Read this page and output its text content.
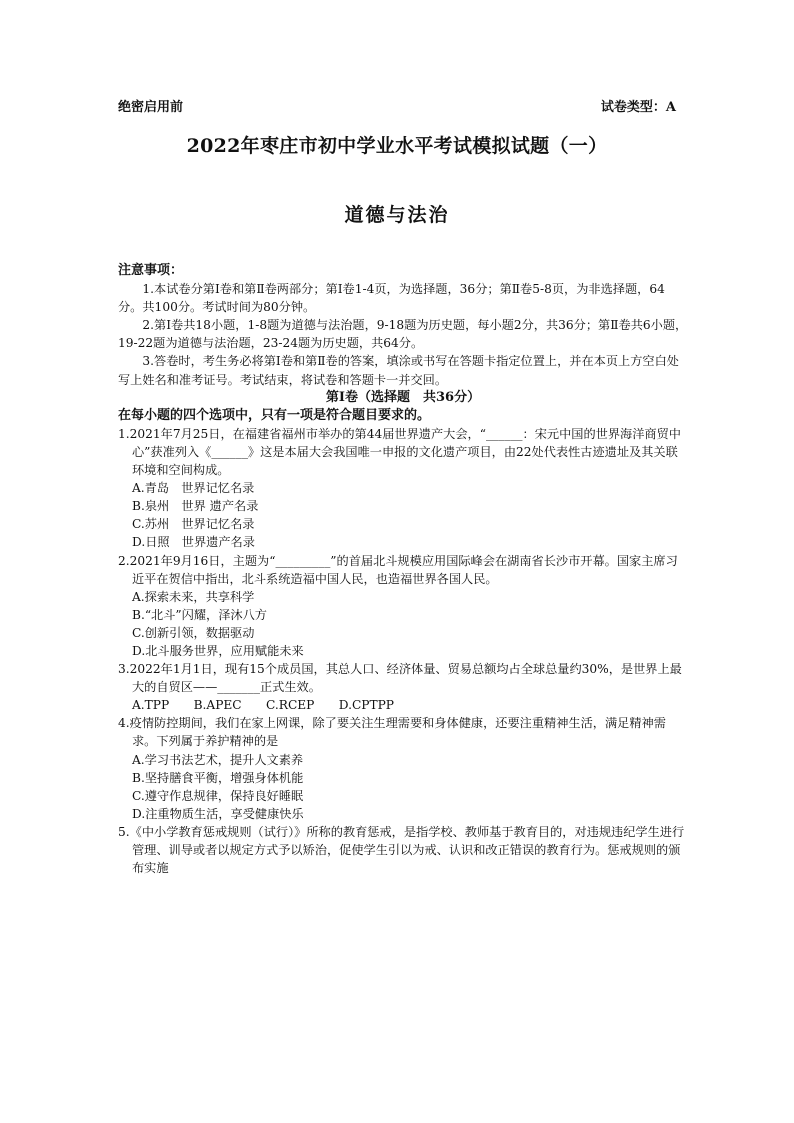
绝密启用前	试卷类型：A
2022年枣庄市初中学业水平考试模拟试题（一）
道德与法治
注意事项：

1.本试卷分第Ⅰ卷和第Ⅱ卷两部分；第Ⅰ卷1-4页，为选择题，36分；第Ⅱ卷5-8页，为非选择题，64分。共100分。考试时间为80分钟。

2.第Ⅰ卷共18小题，1-8题为道德与法治题，9-18题为历史题，每小题2分，共36分；第Ⅱ卷共6小题，19-22题为道德与法治题，23-24题为历史题，共64分。

3.答卷时，考生务必将第Ⅰ卷和第Ⅱ卷的答案，填涂或书写在答题卡指定位置上，并在本页上方空白处写上姓名和准考证号。考试结束，将试卷和答题卡一并交回。

第Ⅰ卷（选择题　共36分）

在每小题的四个选项中，只有一项是符合题目要求的。

1.2021年7月25日，在福建省福州市举办的第44届世界遗产大会，“______：宋元中国的世界海洋商贸中心”获准列入《______》这是本届大会我国唯一申报的文化遗产项目，由22处代表性古迹遗址及其关联环境和空间构成。

A.青岛　世界记忆名录

B.泉州　世界 遗产名录

C.苏州　世界记忆名录

D.日照　世界遗产名录

2.2021年9月16日，主题为“_________”的首届北斗规模应用国际峰会在湖南省长沙市开幕。国家主席习近平在贺信中指出，北斗系统造福中国人民，也造福世界各国人民。

A.探索未来，共享科学

B.“北斗”闪耀，泽沐八方

C.创新引领，数据驱动

D.北斗服务世界，应用赋能未来

3.2022年1月1日，现有15个成员国，其总人口、经济体量、贸易总额均占全球总量约30%，是世界上最大的自贸区——_______正式生效。

A.TPP　　B.APEC　　C.RCEP　　D.CPTPP

4.疫情防控期间，我们在家上网课，除了要关注生理需要和身体健康，还要注重精神生活，满足精神需求。下列属于养护精神的是

A.学习书法艺术，提升人文素养

B.坚持膳食平衡，增强身体机能

C.遵守作息规律，保持良好睡眠

D.注重物质生活，享受健康快乐

5.《中小学教育惩戒规则（试行）》所称的教育惩戒，是指学校、教师基于教育目的，对违规违纪学生进行管理、训导或者以规定方式予以矫治，促使学生引以为戒、认识和改正错误的教育行为。惩戒规则的颁布实施
